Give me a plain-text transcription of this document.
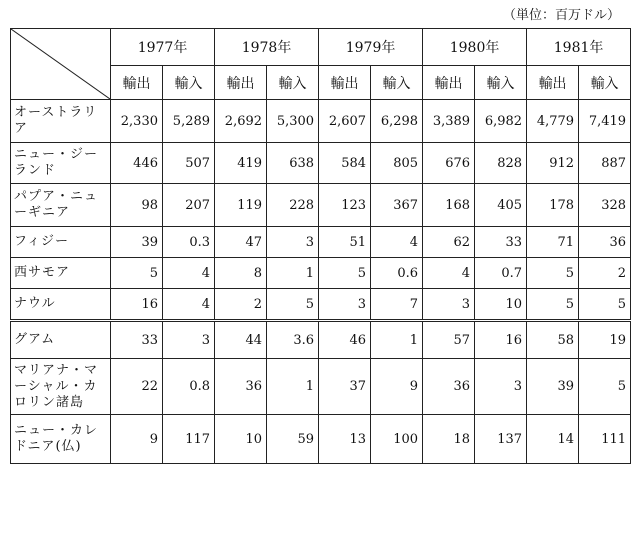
（単位：百万ドル）
	1977年		1978年		1979年		1980年		1981年	
	輸出	輸入	輸出	輸入	輸出	輸入	輸出	輸入	輸出	輸入
オーストラリア	2,330	5,289	2,692	5,300	2,607	6,298	3,389	6,982	4,779	7,419
ニュー・ジーランド	446	507	419	638	584	805	676	828	912	887
パプア・ニューギニア	98	207	119	228	123	367	168	405	178	328
フィジー	39	0.3	47	3	51	4	62	33	71	36
西サモア	5	4	8	1	5	0.6	4	0.7	5	2
ナウル	16	4	2	5	3	7	3	10	5	5
グアム	33	3	44	3.6	46	1	57	16	58	19
マリアナ・マーシャル・カロリン諸島	22	0.8	36	1	37	9	36	3	39	5
ニュー・カレドニア(仏)	9	117	10	59	13	100	18	137	14	111
